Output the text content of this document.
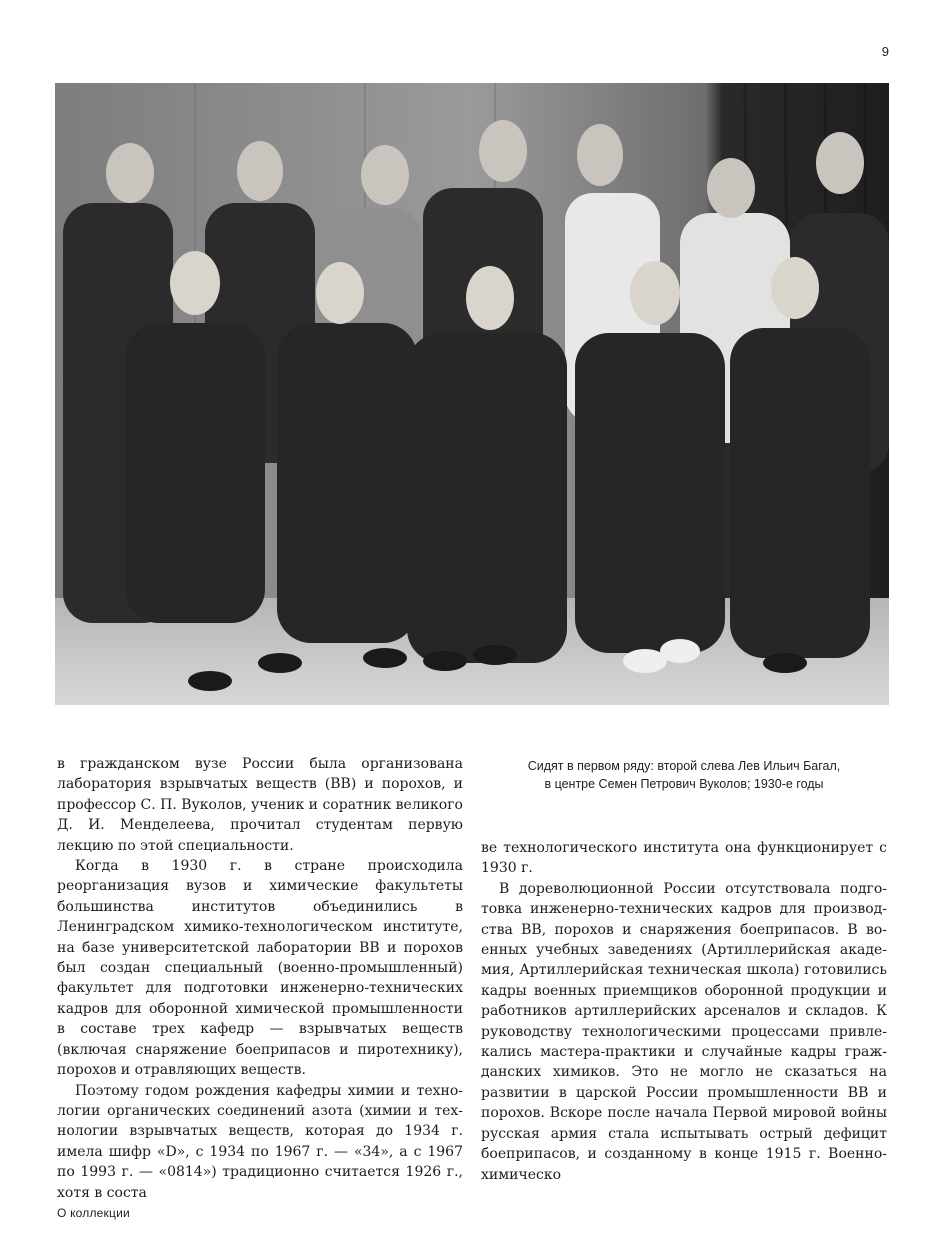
9
Сидят в первом ряду: второй слева Лев Ильич Багал,
в центре Семен Петрович Вуколов; 1930-е годы

в гражданском вузе России была организована лаборатория взрывчатых веществ (ВВ) и порохов, и профессор С. П. Вуколов, ученик и соратник великого Д. И. Менделеева, прочитал студентам первую лекцию по этой специальности.

Когда в 1930 г. в стране происходила реорганизация вузов и химические факультеты большинства институтов объединились в Ленинградском химико-технологическом институте, на базе университетской лаборатории ВВ и порохов был создан специальный (военно-промышленный) факультет для подготовки инженерно-технических кадров для оборонной химической промышленности в составе трех кафедр — взрывчатых веществ (включая снаряжение боеприпасов и пиротехнику), порохов и отравляющих веществ.

Поэтому годом рождения кафедры химии и технологии органических соединений азота (химии и технологии взрывчатых веществ, которая до 1934 г. имела шифр «D», с 1934 по 1967 г. — «34», а с 1967 по 1993 г. — «0814») традиционно считается 1926 г., хотя в соста

ве технологического института она функционирует с 1930 г.

В дореволюционной России отсутствовала подготовка инженерно-технических кадров для производства ВВ, порохов и снаряжения боеприпасов. В военных учебных заведениях (Артиллерийская академия, Артиллерийская техническая школа) готовились кадры военных приемщиков оборонной продукции и работников артиллерийских арсеналов и складов. К руководству технологическими процессами привлекались мастера-практики и случайные кадры гражданских химиков. Это не могло не сказаться на развитии в царской России промышленности ВВ и порохов. Вскоре после начала Первой мировой войны русская армия стала испытывать острый дефицит боеприпасов, и созданному в конце 1915 г. Военно-химическо

О коллекции
